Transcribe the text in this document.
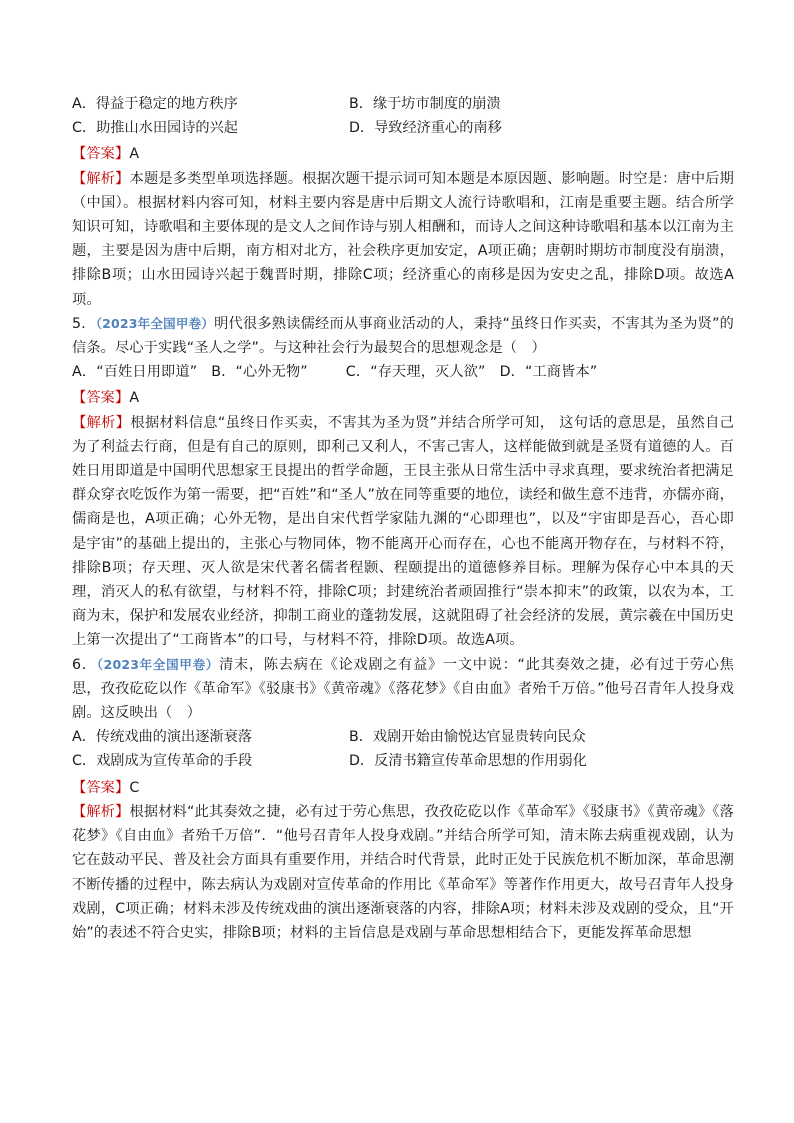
A．得益于稳定的地方秩序	B．缘于坊市制度的崩溃
C．助推山水田园诗的兴起	D．导致经济重心的南移

【答案】A

【解析】本题是多类型单项选择题。根据次题干提示词可知本题是本原因题、影响题。时空是：唐中后期（中国）。根据材料内容可知，材料主要内容是唐中后期文人流行诗歌唱和，江南是重要主题。结合所学知识可知，诗歌唱和主要体现的是文人之间作诗与别人相酬和，而诗人之间这种诗歌唱和基本以江南为主题，主要是因为唐中后期，南方相对北方，社会秩序更加安定，A项正确；唐朝时期坊市制度没有崩溃，排除B项；山水田园诗兴起于魏晋时期，排除C项；经济重心的南移是因为安史之乱，排除D项。故选A项。

5．（2023年全国甲卷）明代很多熟读儒经而从事商业活动的人，秉持“虽终日作买卖，不害其为圣为贤”的信条。尽心于实践“圣人之学”。与这种社会行为最契合的思想观念是（　）

A．“百姓日用即道” B．“心外无物”	C．“存天理，灭人欲” D．“工商皆本”

【答案】A

【解析】根据材料信息“虽终日作买卖，不害其为圣为贤”并结合所学可知， 这句话的意思是，虽然自己为了利益去行商，但是有自己的原则，即利己又利人，不害己害人，这样能做到就是圣贤有道德的人。百姓日用即道是中国明代思想家王艮提出的哲学命题，王艮主张从日常生活中寻求真理，要求统治者把满足群众穿衣吃饭作为第一需要，把“百姓”和“圣人”放在同等重要的地位，读经和做生意不违背，亦儒亦商，儒商是也，A项正确；心外无物，是出自宋代哲学家陆九渊的“心即理也”，以及“宇宙即是吾心，吾心即是宇宙”的基础上提出的，主张心与物同体，物不能离开心而存在，心也不能离开物存在，与材料不符，排除B项；存天理、灭人欲是宋代著名儒者程颢、程颐提出的道德修养目标。理解为保存心中本具的天理，消灭人的私有欲望，与材料不符，排除C项；封建统治者顽固推行“崇本抑末”的政策，以农为本，工商为末，保护和发展农业经济，抑制工商业的蓬勃发展，这就阻碍了社会经济的发展，黄宗羲在中国历史上第一次提出了“工商皆本”的口号，与材料不符，排除D项。故选A项。

6．（2023年全国甲卷）清末，陈去病在《论戏剧之有益》一文中说：“此其奏效之捷，必有过于劳心焦思，孜孜矻矻以作《革命军》《驳康书》《黄帝魂》《落花梦》《自由血》者殆千万倍。”他号召青年人投身戏剧。这反映出（　）

A．传统戏曲的演出逐渐衰落	B．戏剧开始由愉悦达官显贵转向民众
C．戏剧成为宣传革命的手段	D．反清书籍宣传革命思想的作用弱化

【答案】C

【解析】根据材料“此其奏效之捷，必有过于劳心焦思，孜孜矻矻以作《革命军》《驳康书》《黄帝魂》《落花梦》《自由血》者殆千万倍”．“他号召青年人投身戏剧。”并结合所学可知，清末陈去病重视戏剧，认为它在鼓动平民、普及社会方面具有重要作用，并结合时代背景，此时正处于民族危机不断加深，革命思潮不断传播的过程中，陈去病认为戏剧对宣传革命的作用比《革命军》等著作作用更大，故号召青年人投身戏剧，C项正确；材料未涉及传统戏曲的演出逐渐衰落的内容，排除A项；材料未涉及戏剧的受众，且“开始”的表述不符合史实，排除B项；材料的主旨信息是戏剧与革命思想相结合下，更能发挥革命思想
